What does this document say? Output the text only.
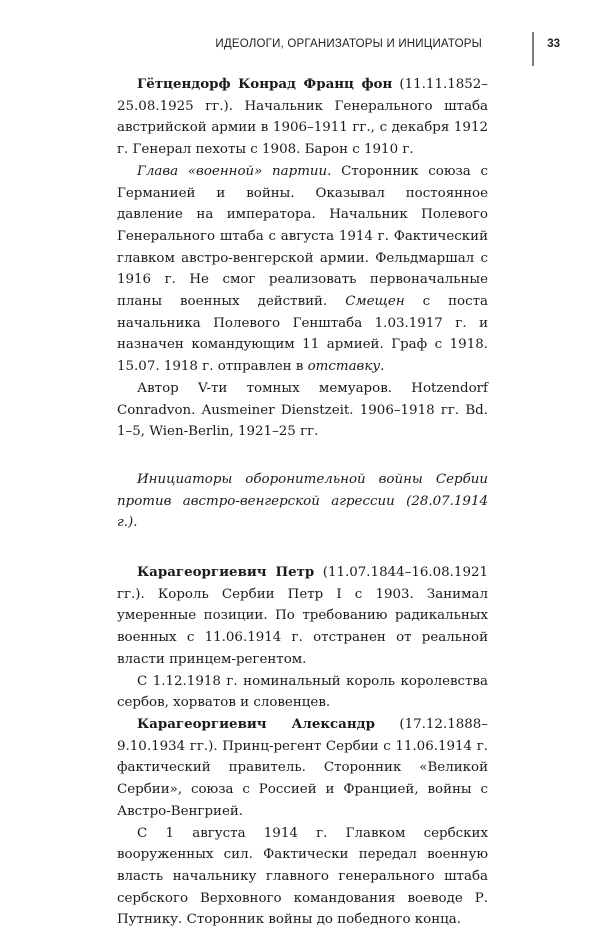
ИДЕОЛОГИ, ОРГАНИЗАТОРЫ И ИНИЦИАТОРЫ	33

Гётцендорф Конрад Франц фон (11.11.1852–25.08.1925 гг.). Начальник Генерального штаба австрийской армии в 1906–1911 гг., с декабря 1912 г. Генерал пехоты с 1908. Барон с 1910 г.

Глава «военной» партии. Сторонник союза с Германией и войны. Оказывал постоянное давление на императора. Начальник Полевого Генерального штаба с августа 1914 г. Фактический главком австро-венгерской армии. Фельдмаршал с 1916 г. Не смог реализовать первоначальные планы военных действий. Смещен с поста начальника Полевого Генштаба 1.03.1917 г. и назначен командующим 11 армией. Граф с 1918. 15.07. 1918 г. отправлен в отставку.

Автор V-ти томных мемуаров. Hotzendorf Conradvon. Ausmeiner Dienstzeit. 1906–1918 гг. Bd. 1–5, Wien-Berlin, 1921–25 гг.

Инициаторы оборонительной войны Сербии против австро-венгерской агрессии (28.07.1914 г.).

Карагеоргиевич Петр (11.07.1844–16.08.1921 гг.). Король Сербии Петр I с 1903. Занимал умеренные позиции. По требованию радикальных военных с 11.06.1914 г. отстранен от реальной власти принцем-регентом.

С 1.12.1918 г. номинальный король королевства сербов, хорватов и словенцев.

Карагеоргиевич Александр (17.12.1888–9.10.1934 гг.). Принц-регент Сербии с 11.06.1914 г. фактический правитель. Сторонник «Великой Сербии», союза с Россией и Францией, войны с Австро-Венгрией.

С 1 августа 1914 г. Главком сербских вооруженных сил. Фактически передал военную власть начальнику главного генерального штаба сербского Верховного командования воеводе Р. Путнику. Сторонник войны до победного конца.
